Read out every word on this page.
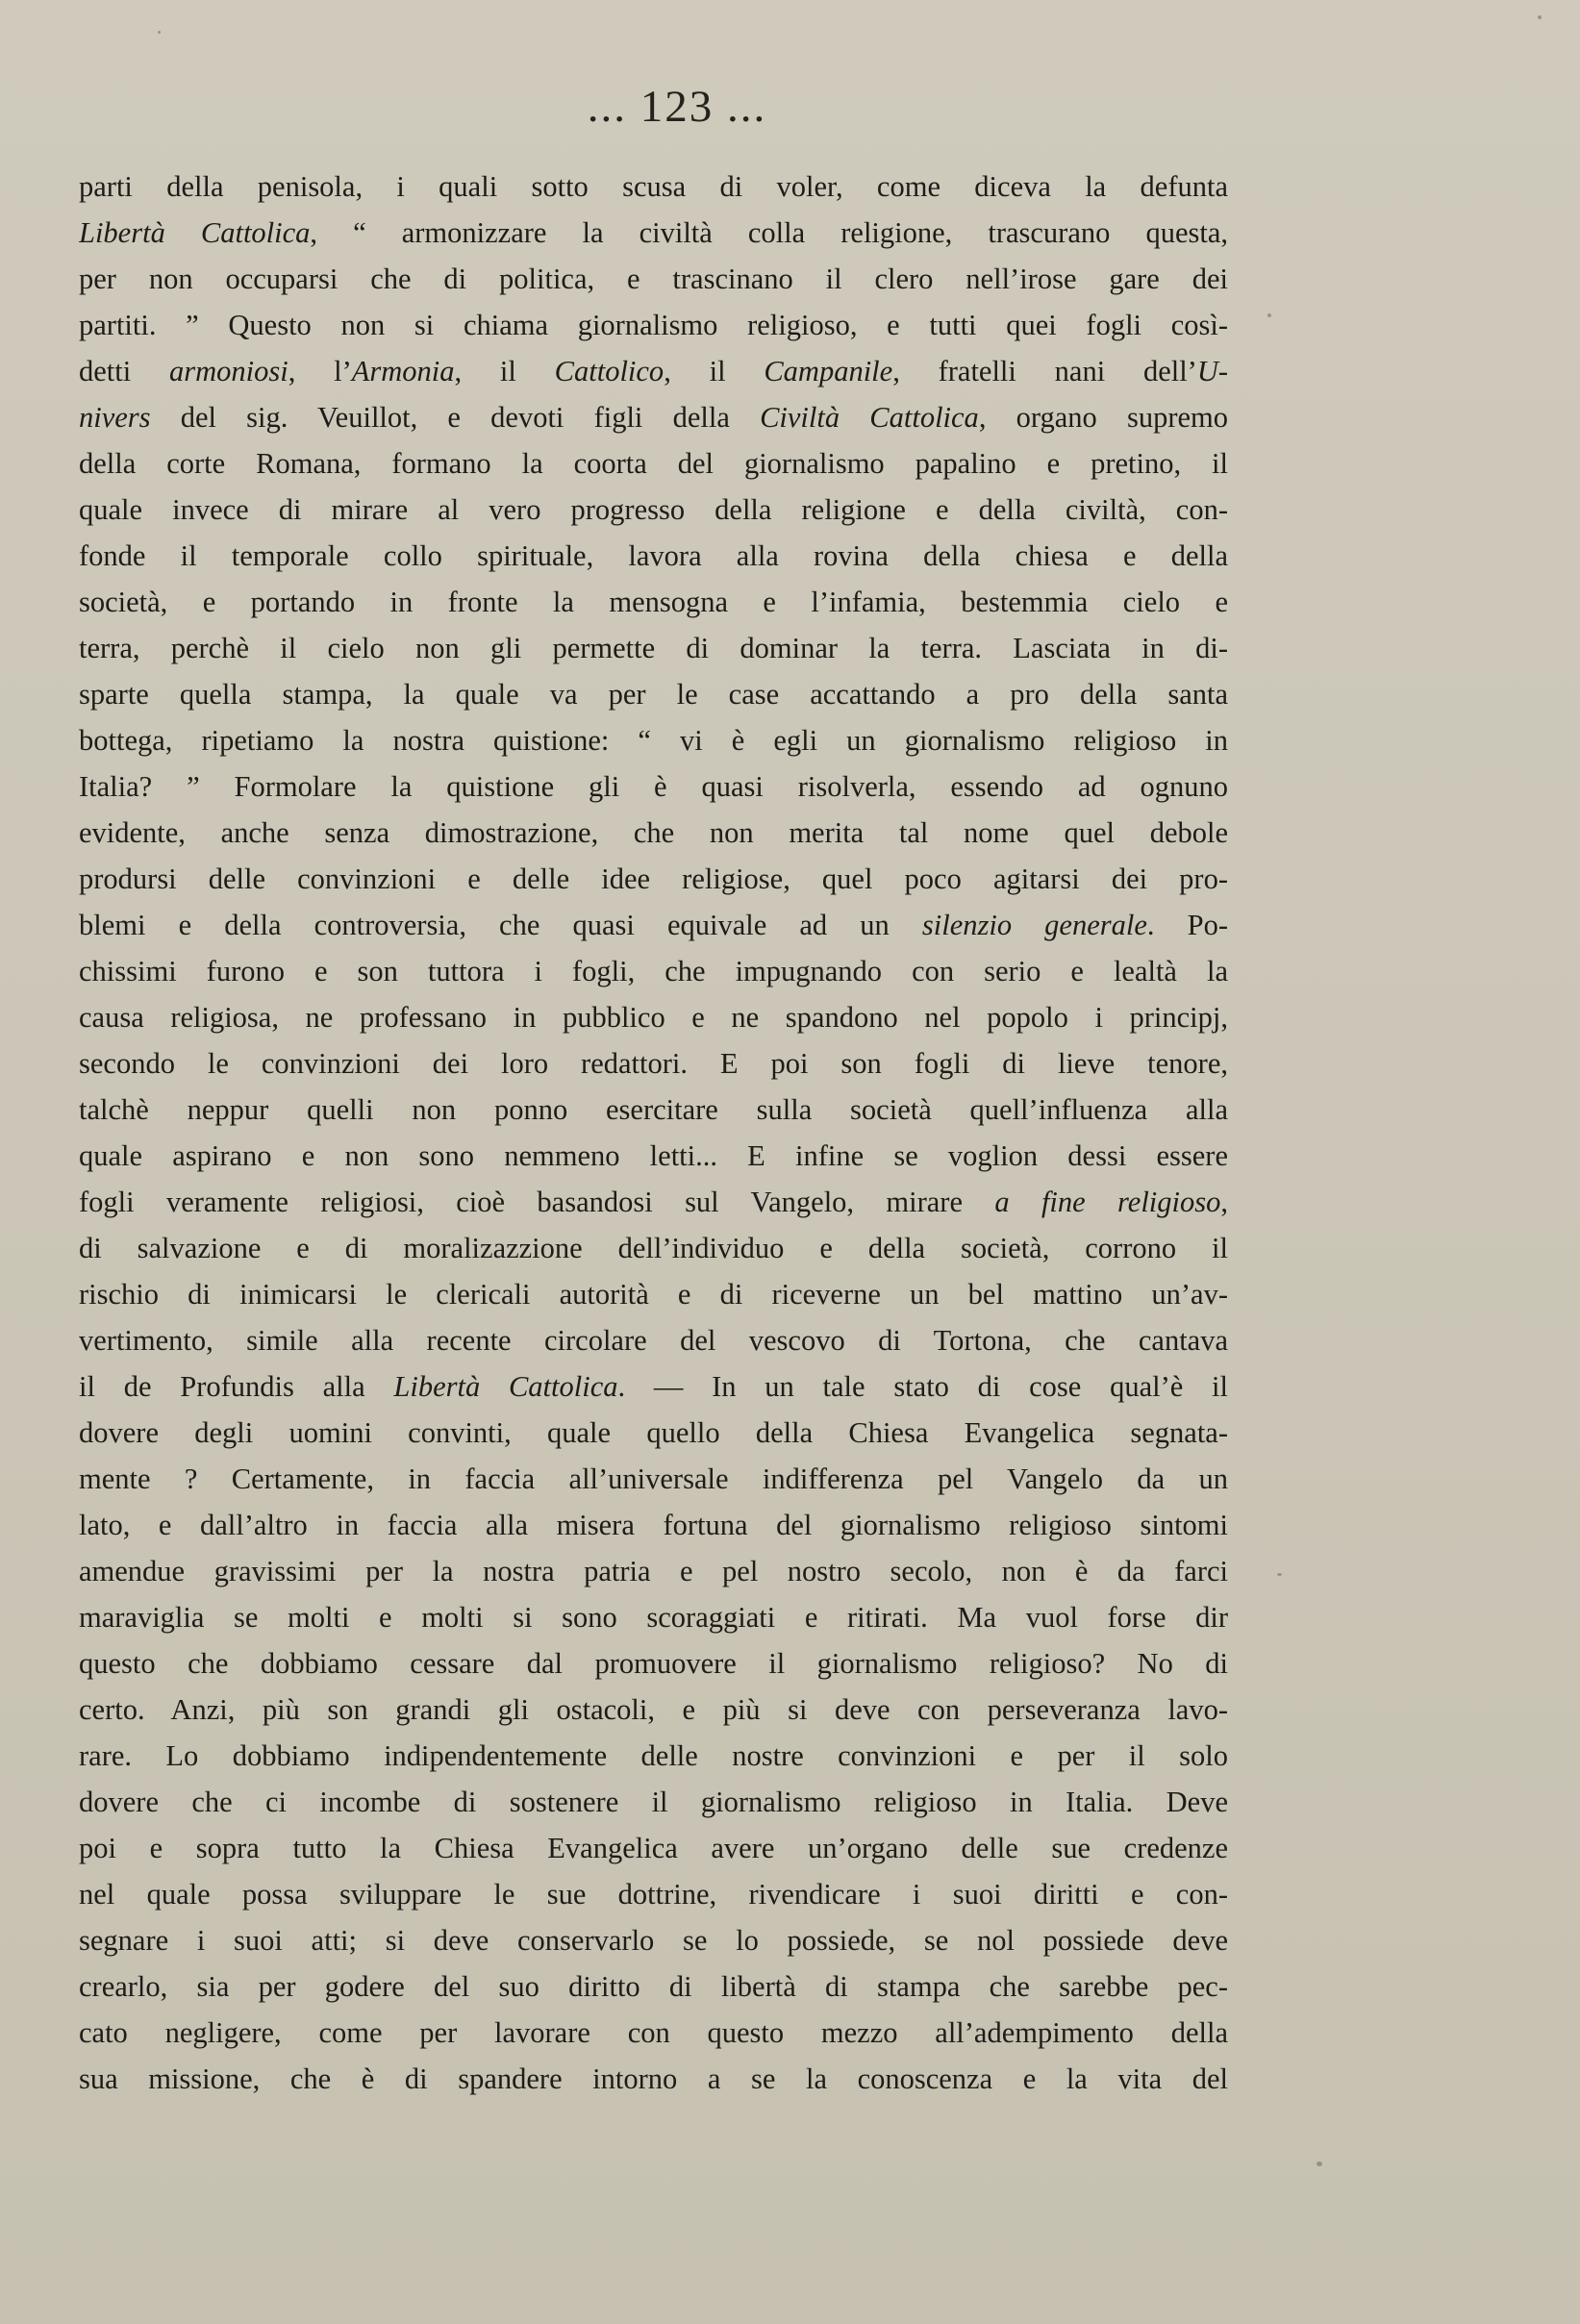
... 123 ...
parti della penisola, i quali sotto scusa di voler, come diceva la defunta
Libertà Cattolica, “ armonizzare la civiltà colla religione, trascurano questa,
per non occuparsi che di politica, e trascinano il clero nell’irose gare dei
partiti. ” Questo non si chiama giornalismo religioso, e tutti quei fogli così-
detti armoniosi, l’Armonia, il Cattolico, il Campanile, fratelli nani dell’U-
nivers del sig. Veuillot, e devoti figli della Civiltà Cattolica, organo supremo
della corte Romana, formano la coorta del giornalismo papalino e pretino, il
quale invece di mirare al vero progresso della religione e della civiltà, con-
fonde il temporale collo spirituale, lavora alla rovina della chiesa e della
società, e portando in fronte la mensogna e l’infamia, bestemmia cielo e
terra, perchè il cielo non gli permette di dominar la terra. Lasciata in di-
sparte quella stampa, la quale va per le case accattando a pro della santa
bottega, ripetiamo la nostra quistione: “ vi è egli un giornalismo religioso in
Italia? ” Formolare la quistione gli è quasi risolverla, essendo ad ognuno
evidente, anche senza dimostrazione, che non merita tal nome quel debole
prodursi delle convinzioni e delle idee religiose, quel poco agitarsi dei pro-
blemi e della controversia, che quasi equivale ad un silenzio generale. Po-
chissimi furono e son tuttora i fogli, che impugnando con serio e lealtà la
causa religiosa, ne professano in pubblico e ne spandono nel popolo i principj,
secondo le convinzioni dei loro redattori. E poi son fogli di lieve tenore,
talchè neppur quelli non ponno esercitare sulla società quell’influenza alla
quale aspirano e non sono nemmeno letti... E infine se voglion dessi essere
fogli veramente religiosi, cioè basandosi sul Vangelo, mirare a fine religioso,
di salvazione e di moralizazzione dell’individuo e della società, corrono il
rischio di inimicarsi le clericali autorità e di riceverne un bel mattino un’av-
vertimento, simile alla recente circolare del vescovo di Tortona, che cantava
il de Profundis alla Libertà Cattolica. — In un tale stato di cose qual’è il
dovere degli uomini convinti, quale quello della Chiesa Evangelica segnata-
mente ? Certamente, in faccia all’universale indifferenza pel Vangelo da un
lato, e dall’altro in faccia alla misera fortuna del giornalismo religioso sintomi
amendue gravissimi per la nostra patria e pel nostro secolo, non è da farci
maraviglia se molti e molti si sono scoraggiati e ritirati. Ma vuol forse dir
questo che dobbiamo cessare dal promuovere il giornalismo religioso? No di
certo. Anzi, più son grandi gli ostacoli, e più si deve con perseveranza lavo-
rare. Lo dobbiamo indipendentemente delle nostre convinzioni e per il solo
dovere che ci incombe di sostenere il giornalismo religioso in Italia. Deve
poi e sopra tutto la Chiesa Evangelica avere un’organo delle sue credenze
nel quale possa sviluppare le sue dottrine, rivendicare i suoi diritti e con-
segnare i suoi atti; si deve conservarlo se lo possiede, se nol possiede deve
crearlo, sia per godere del suo diritto di libertà di stampa che sarebbe pec-
cato negligere, come per lavorare con questo mezzo all’adempimento della
sua missione, che è di spandere intorno a se la conoscenza e la vita del
